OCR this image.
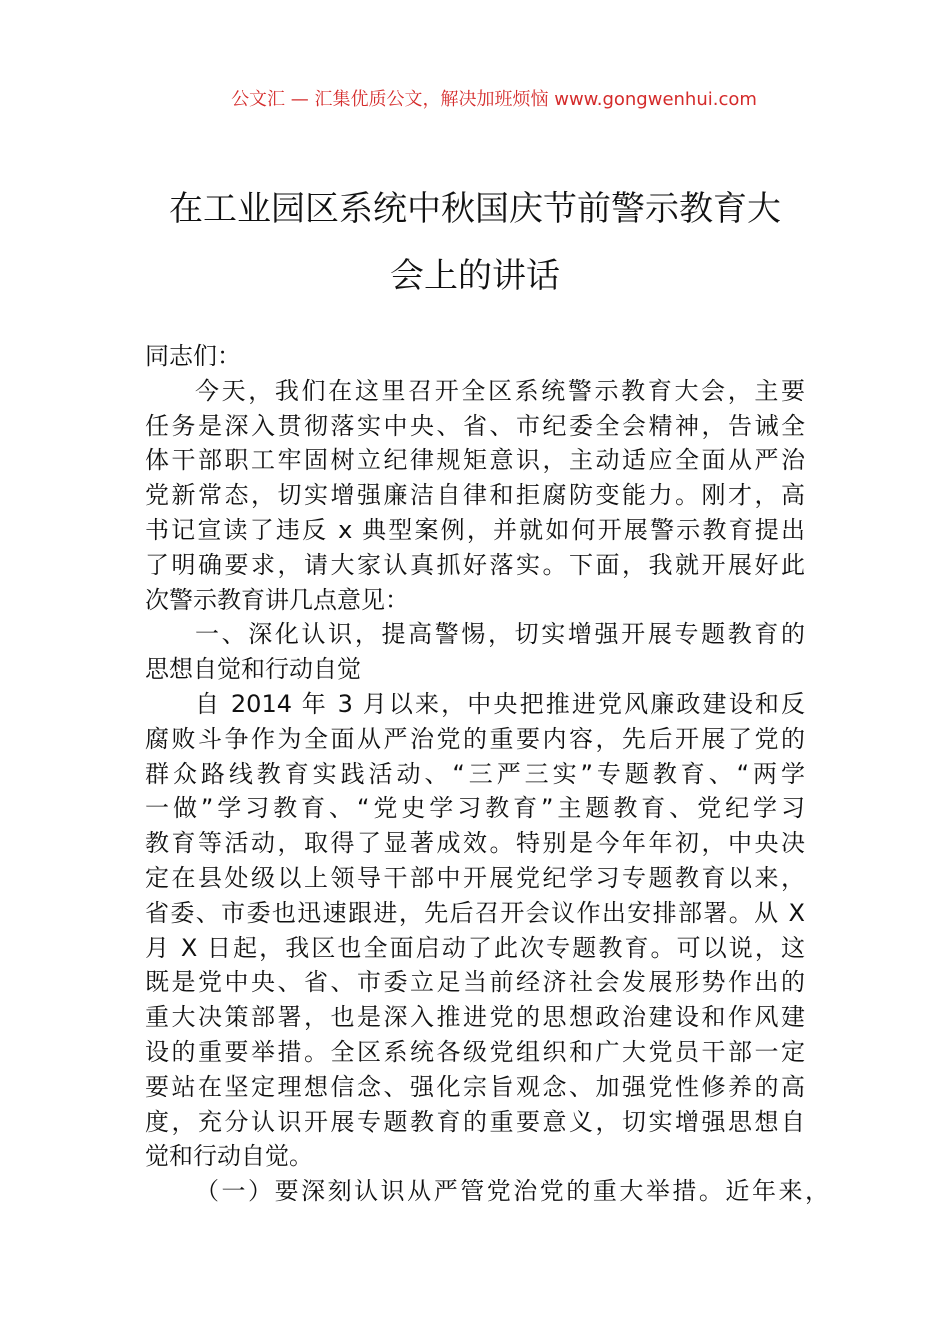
公文汇 — 汇集优质公文，解决加班烦恼 www.gongwenhui.com
在工业园区系统中秋国庆节前警示教育大
会上的讲话
同志们：
今天，我们在这里召开全区系统警示教育大会，主要
任务是深入贯彻落实中央、省、市纪委全会精神，告诫全
体干部职工牢固树立纪律规矩意识，主动适应全面从严治
党新常态，切实增强廉洁自律和拒腐防变能力。刚才，高
书记宣读了违反 x 典型案例，并就如何开展警示教育提出
了明确要求，请大家认真抓好落实。下面，我就开展好此
次警示教育讲几点意见：
一、深化认识，提高警惕，切实增强开展专题教育的
思想自觉和行动自觉
自 2014 年 3 月以来，中央把推进党风廉政建设和反
腐败斗争作为全面从严治党的重要内容，先后开展了党的
群众路线教育实践活动、“三严三实”专题教育、“两学
一做”学习教育、“党史学习教育”主题教育、党纪学习
教育等活动，取得了显著成效。特别是今年年初，中央决
定在县处级以上领导干部中开展党纪学习专题教育以来，
省委、市委也迅速跟进，先后召开会议作出安排部署。从 X
月 X 日起，我区也全面启动了此次专题教育。可以说，这
既是党中央、省、市委立足当前经济社会发展形势作出的
重大决策部署，也是深入推进党的思想政治建设和作风建
设的重要举措。全区系统各级党组织和广大党员干部一定
要站在坚定理想信念、强化宗旨观念、加强党性修养的高
度，充分认识开展专题教育的重要意义，切实增强思想自
觉和行动自觉。
（一）要深刻认识从严管党治党的重大举措。近年来，
